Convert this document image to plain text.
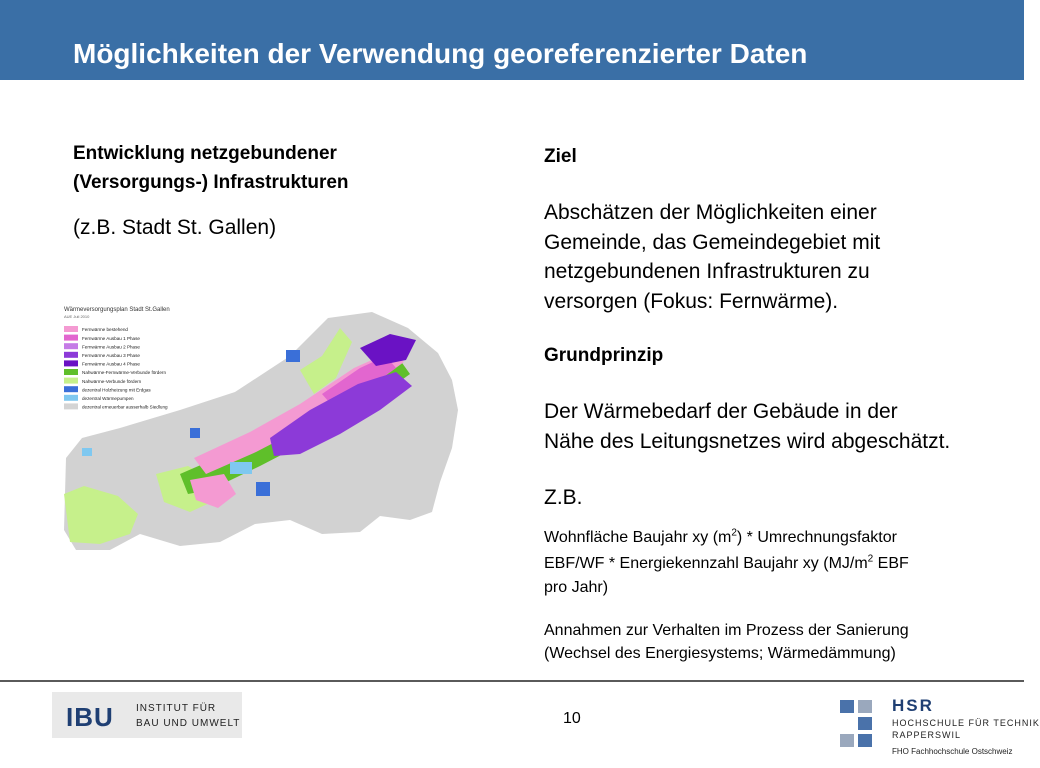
Möglichkeiten der Verwendung georeferenzierter Daten
Entwicklung netzgebundener
(Versorgungs-) Infrastrukturen
(z.B. Stadt St. Gallen)
Wärmeversorgungsplan Stadt St.Gallen
AUE Juli 2010
Fernwärme bestehend
Fernwärme Ausbau 1 Phase
Fernwärme Ausbau 2 Phase
Fernwärme Ausbau 3 Phase
Fernwärme Ausbau 4 Phase
Nahwärme-Fernwärme-Verbunde fördern
Nahwärme-Verbunde fördern
dezentral Holzheizung mit Erdgas
dezentral Wärmepumpen
dezentral erneuerbar ausserhalb Siedlung
Ziel
Abschätzen der Möglichkeiten einer
Gemeinde, das Gemeindegebiet mit
netzgebundenen Infrastrukturen zu
versorgen (Fokus: Fernwärme).
Grundprinzip
Der Wärmebedarf der Gebäude in der
Nähe des Leitungsnetzes wird abgeschätzt.
Z.B.
Wohnfläche Baujahr xy $(m^2)$ * Umrechnungsfaktor
EBF/WF * Energiekennzahl Baujahr xy ($MJ/m^2$ EBF
pro Jahr)
Annahmen zur Verhalten im Prozess der Sanierung
(Wechsel des Energiesystems; Wärmedämmung)
IBU INSTITUT FÜR
BAU UND UMWELT	10
HSR
HOCHSCHULE FÜR TECHNIK
RAPPERSWIL
FHO Fachhochschule Ostschweiz
